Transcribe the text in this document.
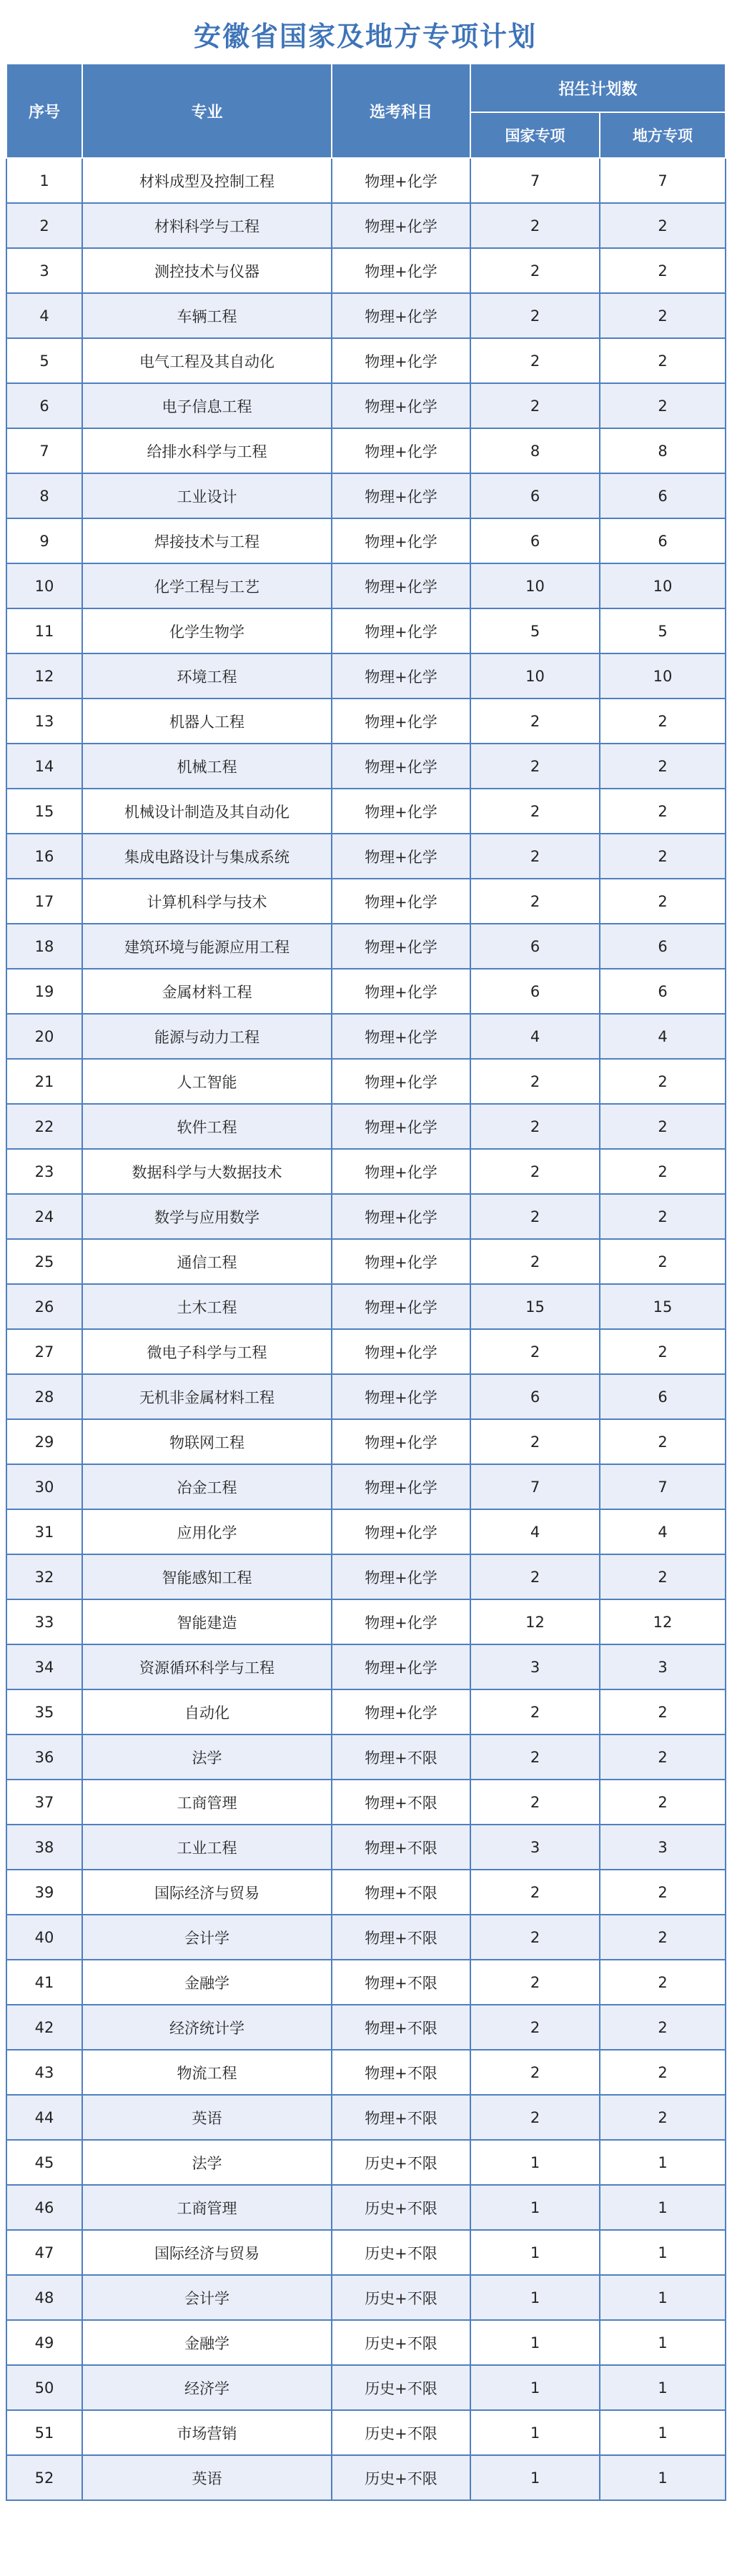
安徽省国家及地方专项计划
序号	专业	选考科目	招生计划数	
			国家专项	地方专项
1	材料成型及控制工程	物理+化学	7	7
2	材料科学与工程	物理+化学	2	2
3	测控技术与仪器	物理+化学	2	2
4	车辆工程	物理+化学	2	2
5	电气工程及其自动化	物理+化学	2	2
6	电子信息工程	物理+化学	2	2
7	给排水科学与工程	物理+化学	8	8
8	工业设计	物理+化学	6	6
9	焊接技术与工程	物理+化学	6	6
10	化学工程与工艺	物理+化学	10	10
11	化学生物学	物理+化学	5	5
12	环境工程	物理+化学	10	10
13	机器人工程	物理+化学	2	2
14	机械工程	物理+化学	2	2
15	机械设计制造及其自动化	物理+化学	2	2
16	集成电路设计与集成系统	物理+化学	2	2
17	计算机科学与技术	物理+化学	2	2
18	建筑环境与能源应用工程	物理+化学	6	6
19	金属材料工程	物理+化学	6	6
20	能源与动力工程	物理+化学	4	4
21	人工智能	物理+化学	2	2
22	软件工程	物理+化学	2	2
23	数据科学与大数据技术	物理+化学	2	2
24	数学与应用数学	物理+化学	2	2
25	通信工程	物理+化学	2	2
26	土木工程	物理+化学	15	15
27	微电子科学与工程	物理+化学	2	2
28	无机非金属材料工程	物理+化学	6	6
29	物联网工程	物理+化学	2	2
30	冶金工程	物理+化学	7	7
31	应用化学	物理+化学	4	4
32	智能感知工程	物理+化学	2	2
33	智能建造	物理+化学	12	12
34	资源循环科学与工程	物理+化学	3	3
35	自动化	物理+化学	2	2
36	法学	物理+不限	2	2
37	工商管理	物理+不限	2	2
38	工业工程	物理+不限	3	3
39	国际经济与贸易	物理+不限	2	2
40	会计学	物理+不限	2	2
41	金融学	物理+不限	2	2
42	经济统计学	物理+不限	2	2
43	物流工程	物理+不限	2	2
44	英语	物理+不限	2	2
45	法学	历史+不限	1	1
46	工商管理	历史+不限	1	1
47	国际经济与贸易	历史+不限	1	1
48	会计学	历史+不限	1	1
49	金融学	历史+不限	1	1
50	经济学	历史+不限	1	1
51	市场营销	历史+不限	1	1
52	英语	历史+不限	1	1
